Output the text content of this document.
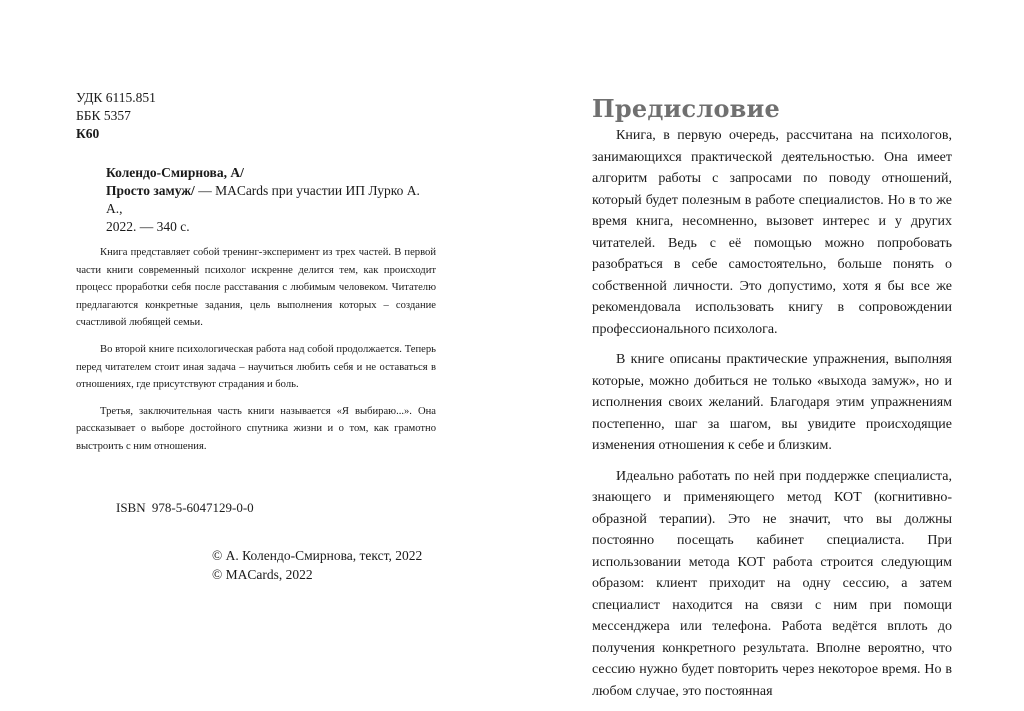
УДК 6115.851
ББК 5357
К60
Колендо-Смирнова, А/
Просто замуж/ — MACards при участии ИП Лурко А. А.,
2022. — 340 с.

Книга представляет собой тренинг-эксперимент из трех частей. В первой части книги современный психолог искренне делится тем, как происходит процесс проработки себя после расставания с любимым человеком. Читателю предлагаются конкретные задания, цель выполнения которых – создание счастливой любящей семьи.

Во второй книге психологическая работа над собой продолжается. Теперь перед читателем стоит иная задача – научиться любить себя и не оставаться в отношениях, где присутствуют страдания и боль.

Третья, заключительная часть книги называется «Я выбираю...». Она рассказывает о выборе достойного спутника жизни и о том, как грамотно выстроить с ним отношения.

ISBN 978-5-6047129-0-0
© А. Колендо-Смирнова, текст, 2022
© MACards, 2022
Предисловие

Книга, в первую очередь, рассчитана на психологов, занимающихся практической деятельностью. Она имеет алгоритм работы с запросами по поводу отношений, который будет полезным в работе специалистов. Но в то же время книга, несомненно, вызовет интерес и у других читателей. Ведь с её помощью можно попробовать разобраться в себе самостоятельно, больше понять о собственной личности. Это допустимо, хотя я бы все же рекомендовала использовать книгу в сопровождении профессионального психолога.

В книге описаны практические упражнения, выполняя которые, можно добиться не только «выхода замуж», но и исполнения своих желаний. Благодаря этим упражнениям постепенно, шаг за шагом, вы увидите происходящие изменения отношения к себе и близким.

Идеально работать по ней при поддержке специалиста, знающего и применяющего метод КОТ (когнитивно-образной терапии). Это не значит, что вы должны постоянно посещать кабинет специалиста. При использовании метода КОТ работа строится следующим образом: клиент приходит на одну сессию, а затем специалист находится на связи с ним при помощи мессенджера или телефона. Работа ведётся вплоть до получения конкретного результата. Вполне вероятно, что сессию нужно будет повторить через некоторое время. Но в любом случае, это постоянная
